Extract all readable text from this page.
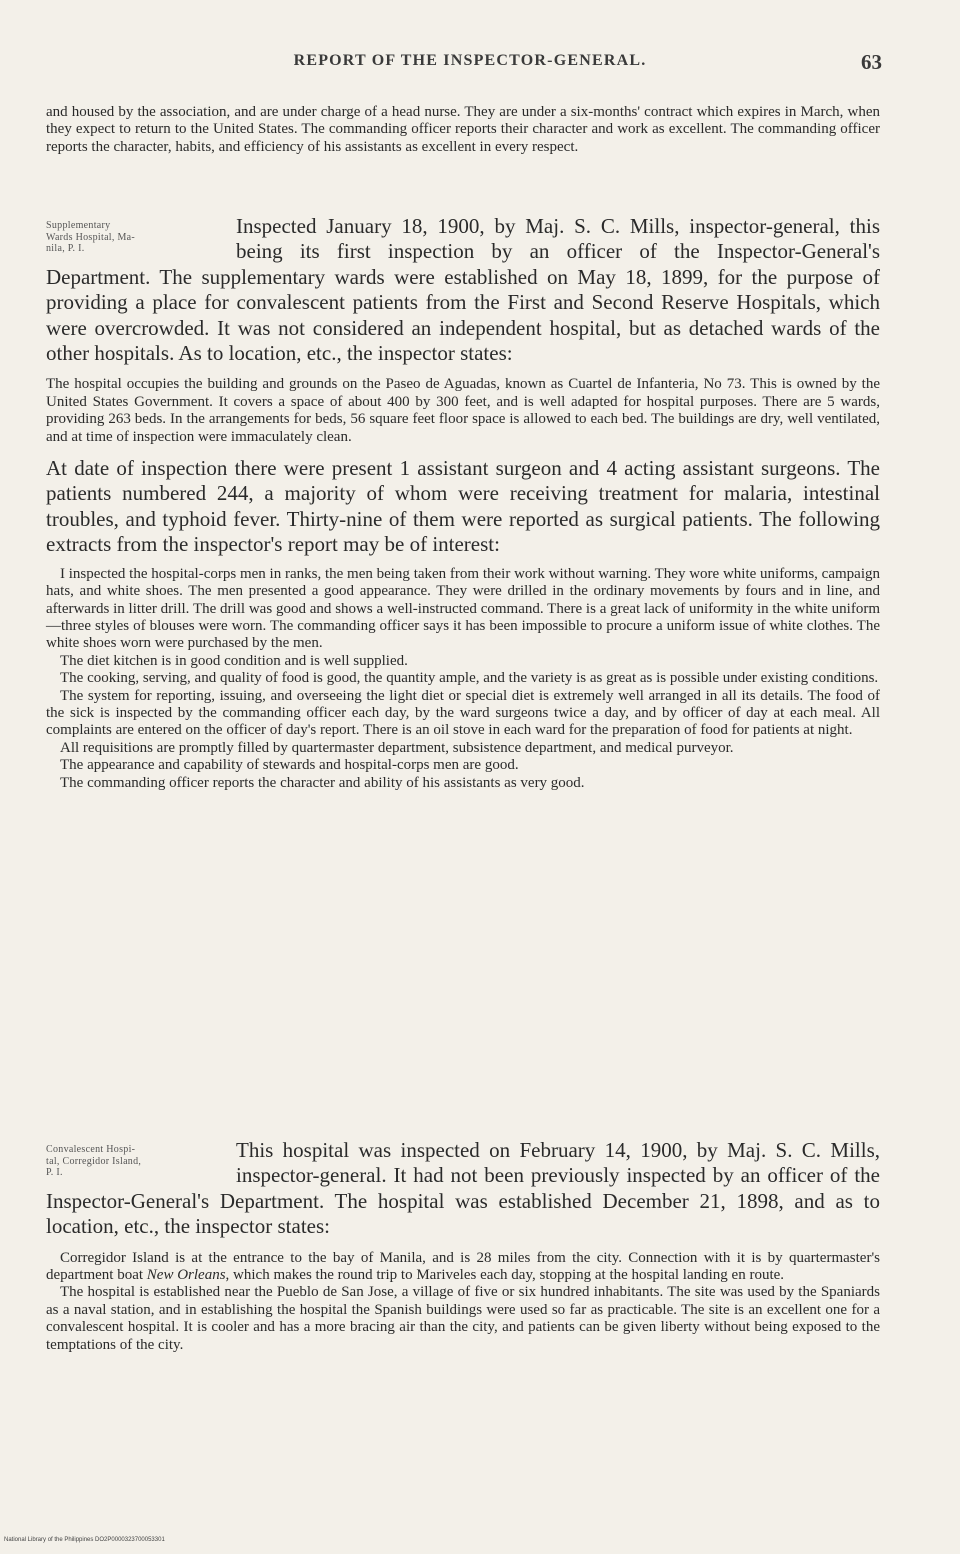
REPORT OF THE INSPECTOR-GENERAL.	63

and housed by the association, and are under charge of a head nurse. They are under a six-months' contract which expires in March, when they expect to return to the United States. The commanding officer reports their character and work as excellent. The commanding officer reports the character, habits, and efficiency of his assistants as excellent in every respect.

Supplementary
Wards Hospital, Ma-
nila, P. I.

Inspected January 18, 1900, by Maj. S. C. Mills, inspector-general, this being its first inspection by an officer of the Inspector-General's Department. The supplementary wards were established on May 18, 1899, for the purpose of providing a place for convalescent patients from the First and Second Reserve Hospitals, which were overcrowded. It was not considered an independent hospital, but as detached wards of the other hospitals. As to location, etc., the inspector states:

The hospital occupies the building and grounds on the Paseo de Aguadas, known as Cuartel de Infanteria, No 73. This is owned by the United States Government. It covers a space of about 400 by 300 feet, and is well adapted for hospital purposes. There are 5 wards, providing 263 beds. In the arrangements for beds, 56 square feet floor space is allowed to each bed. The buildings are dry, well ventilated, and at time of inspection were immaculately clean.

At date of inspection there were present 1 assistant surgeon and 4 acting assistant surgeons. The patients numbered 244, a majority of whom were receiving treatment for malaria, intestinal troubles, and typhoid fever. Thirty-nine of them were reported as surgical patients. The following extracts from the inspector's report may be of interest:

I inspected the hospital-corps men in ranks, the men being taken from their work without warning. They wore white uniforms, campaign hats, and white shoes. The men presented a good appearance. They were drilled in the ordinary movements by fours and in line, and afterwards in litter drill. The drill was good and shows a well-instructed command. There is a great lack of uniformity in the white uniform—three styles of blouses were worn. The commanding officer says it has been impossible to procure a uniform issue of white clothes. The white shoes worn were purchased by the men.

The diet kitchen is in good condition and is well supplied.

The cooking, serving, and quality of food is good, the quantity ample, and the variety is as great as is possible under existing conditions.

The system for reporting, issuing, and overseeing the light diet or special diet is extremely well arranged in all its details. The food of the sick is inspected by the commanding officer each day, by the ward surgeons twice a day, and by officer of day at each meal. All complaints are entered on the officer of day's report. There is an oil stove in each ward for the preparation of food for patients at night.

All requisitions are promptly filled by quartermaster department, subsistence department, and medical purveyor.

The appearance and capability of stewards and hospital-corps men are good.

The commanding officer reports the character and ability of his assistants as very good.

Convalescent Hospi-
tal, Corregidor Island,
P. I.

This hospital was inspected on February 14, 1900, by Maj. S. C. Mills, inspector-general. It had not been previously inspected by an officer of the Inspector-General's Department. The hospital was established December 21, 1898, and as to location, etc., the inspector states:

Corregidor Island is at the entrance to the bay of Manila, and is 28 miles from the city. Connection with it is by quartermaster's department boat New Orleans, which makes the round trip to Mariveles each day, stopping at the hospital landing en route.

The hospital is established near the Pueblo de San Jose, a village of five or six hundred inhabitants. The site was used by the Spaniards as a naval station, and in establishing the hospital the Spanish buildings were used so far as practicable. The site is an excellent one for a convalescent hospital. It is cooler and has a more bracing air than the city, and patients can be given liberty without being exposed to the temptations of the city.

National Library of the Philippines DO2P0000323700053301
